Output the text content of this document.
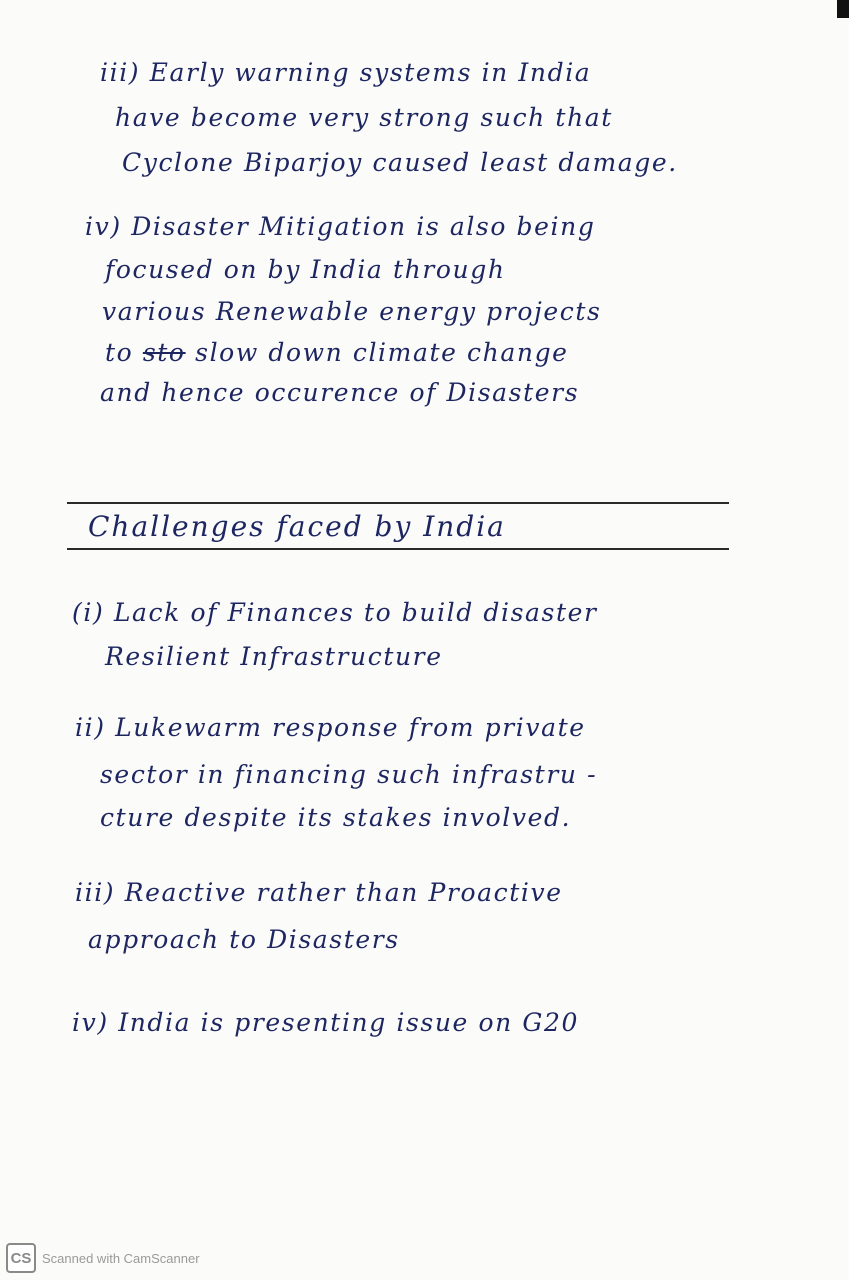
iii) Early warning systems in India
have become very strong such that
Cyclone Biparjoy caused least damage.
iv) Disaster Mitigation is also being
focused on by India through
various Renewable energy projects
to sto slow down climate change
and hence occurence of Disasters
Challenges faced by India
(i) Lack of Finances to build disaster
Resilient Infrastructure
ii) Lukewarm response from private
sector in financing such infrastru -
cture despite its stakes involved.
iii) Reactive rather than Proactive
approach to Disasters
iv) India is presenting issue on G20
CS Scanned with CamScanner
